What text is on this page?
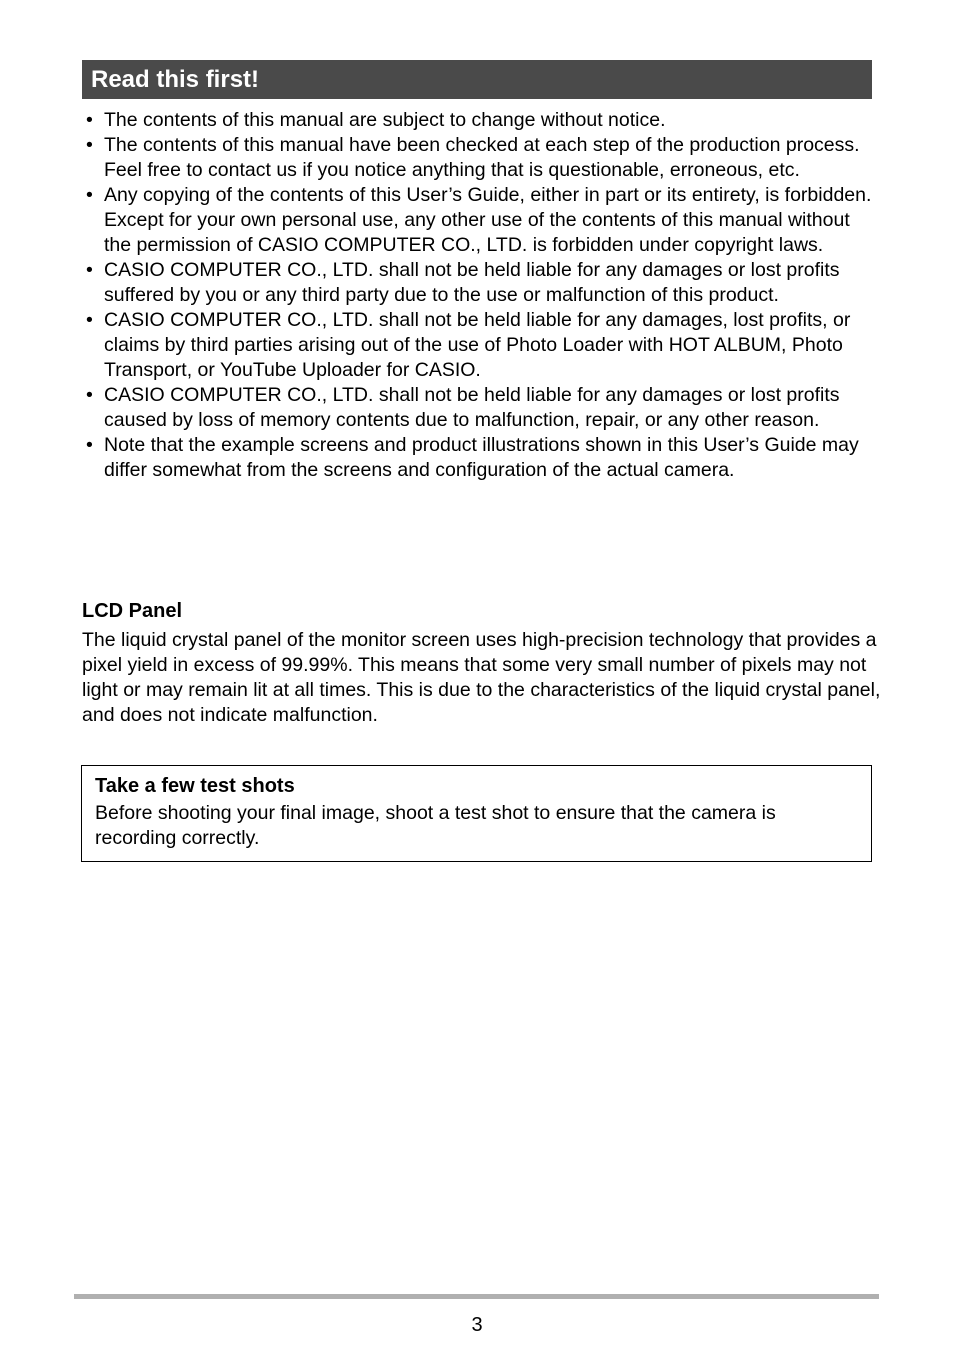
Read this first!
• The contents of this manual are subject to change without notice.
• The contents of this manual have been checked at each step of the production process. Feel free to contact us if you notice anything that is questionable, erroneous, etc.
• Any copying of the contents of this User’s Guide, either in part or its entirety, is forbidden. Except for your own personal use, any other use of the contents of this manual without the permission of CASIO COMPUTER CO., LTD. is forbidden under copyright laws.
• CASIO COMPUTER CO., LTD. shall not be held liable for any damages or lost profits suffered by you or any third party due to the use or malfunction of this product.
• CASIO COMPUTER CO., LTD. shall not be held liable for any damages, lost profits, or claims by third parties arising out of the use of Photo Loader with HOT ALBUM, Photo Transport, or YouTube Uploader for CASIO.
• CASIO COMPUTER CO., LTD. shall not be held liable for any damages or lost profits caused by loss of memory contents due to malfunction, repair, or any other reason.
• Note that the example screens and product illustrations shown in this User’s Guide may differ somewhat from the screens and configuration of the actual camera.
LCD Panel

The liquid crystal panel of the monitor screen uses high-precision technology that provides a pixel yield in excess of 99.99%. This means that some very small number of pixels may not light or may remain lit at all times. This is due to the characteristics of the liquid crystal panel, and does not indicate malfunction.

Take a few test shots

Before shooting your final image, shoot a test shot to ensure that the camera is recording correctly.

3
